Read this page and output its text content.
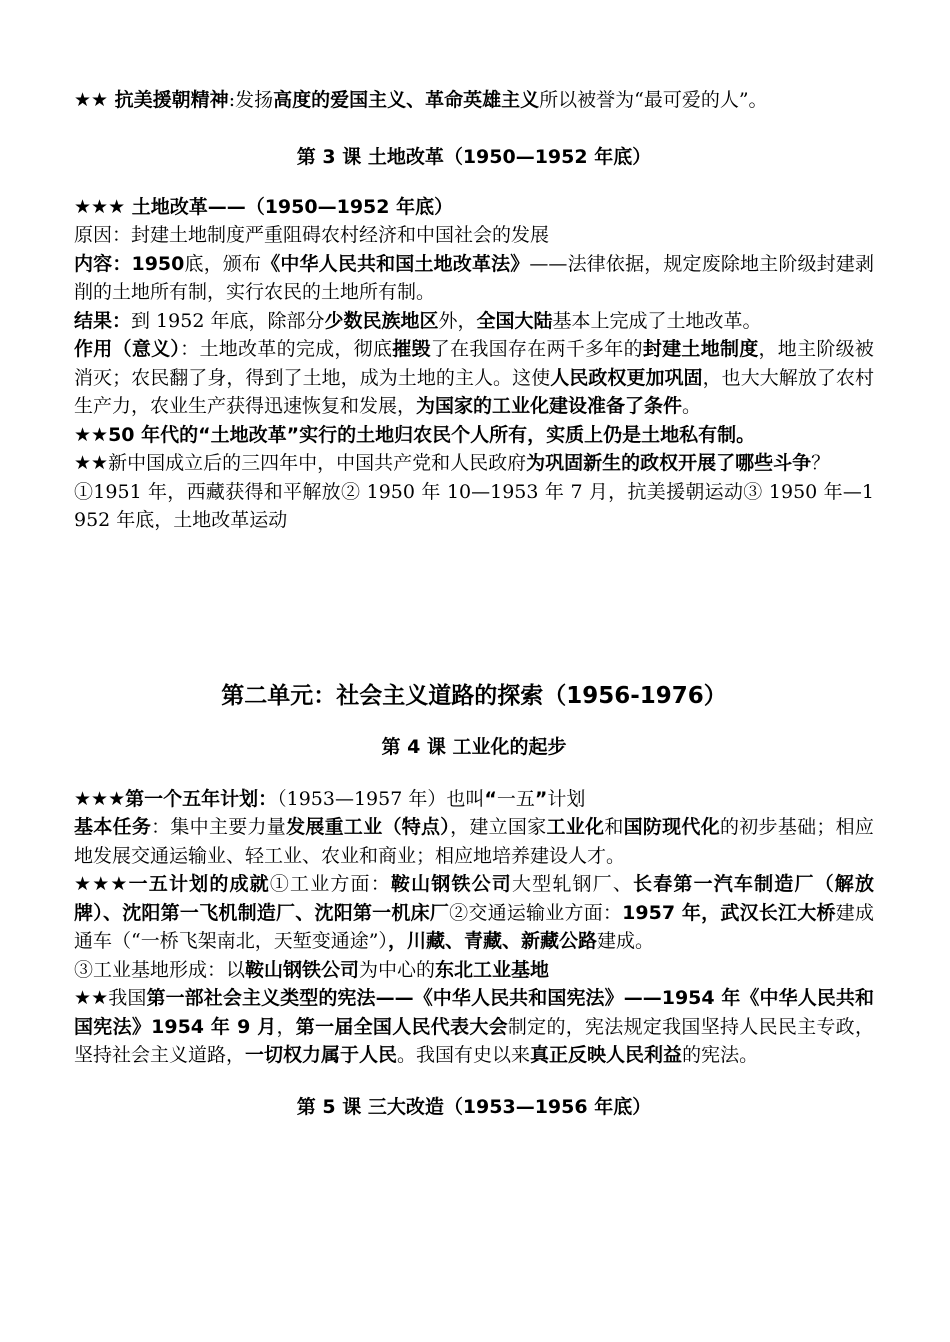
★★ 抗美援朝精神:发扬高度的爱国主义、革命英雄主义所以被誉为“最可爱的人”。

第 3 课 土地改革（1950—1952 年底）

★★★ 土地改革——（1950—1952 年底）

原因：封建土地制度严重阻碍农村经济和中国社会的发展

内容：1950底，颁布《中华人民共和国土地改革法》——法律依据，规定废除地主阶级封建剥削的土地所有制，实行农民的土地所有制。

结果：到 1952 年底，除部分少数民族地区外，全国大陆基本上完成了土地改革。

作用（意义）：土地改革的完成，彻底摧毁了在我国存在两千多年的封建土地制度，地主阶级被消灭；农民翻了身，得到了土地，成为土地的主人。这使人民政权更加巩固，也大大解放了农村生产力，农业生产获得迅速恢复和发展，为国家的工业化建设准备了条件。

★★50 年代的“土地改革”实行的土地归农民个人所有，实质上仍是土地私有制。

★★新中国成立后的三四年中，中国共产党和人民政府为巩固新生的政权开展了哪些斗争？

①1951 年，西藏获得和平解放② 1950 年 10—1953 年 7 月，抗美援朝运动③ 1950 年—1952 年底，土地改革运动

第二单元：社会主义道路的探索（1956-1976）

第 4 课 工业化的起步

★★★第一个五年计划：（1953—1957 年）也叫“一五”计划

基本任务：集中主要力量发展重工业（特点），建立国家工业化和国防现代化的初步基础；相应地发展交通运输业、轻工业、农业和商业；相应地培养建设人才。

★★★一五计划的成就①工业方面：鞍山钢铁公司大型轧钢厂、长春第一汽车制造厂（解放牌）、沈阳第一飞机制造厂、沈阳第一机床厂②交通运输业方面：1957 年，武汉长江大桥建成通车（“一桥飞架南北，天堑变通途”），川藏、青藏、新藏公路建成。

③工业基地形成：以鞍山钢铁公司为中心的东北工业基地

★★我国第一部社会主义类型的宪法——《中华人民共和国宪法》——1954 年《中华人民共和国宪法》1954 年 9 月，第一届全国人民代表大会制定的，宪法规定我国坚持人民民主专政，坚持社会主义道路，一切权力属于人民。我国有史以来真正反映人民利益的宪法。

第 5 课 三大改造（1953—1956 年底）
